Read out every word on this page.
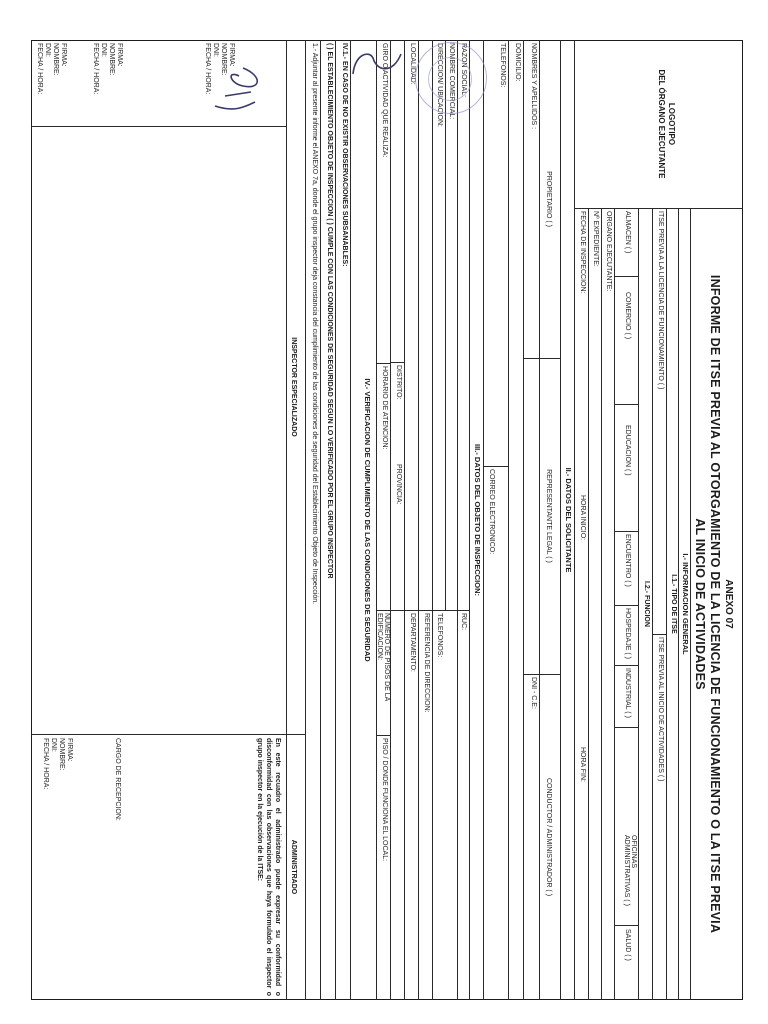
LOGOTIPO
DEL ÓRGANO EJECUTANTE
ANEXO 07
INFORME DE ITSE PREVIA AL OTORGAMIENTO DE LA LICENCIA DE FUNCIONAMIENTO O LA ITSE PREVIA
AL INICIO DE ACTIVIDADES
I.- INFORMACION GENERAL
I.1.- TIPO DE ITSE
ITSE PREVIA A LA LICENCIA DE FUNCIONAMIENTO ( )
ITSE PREVIA AL INICIO DE ACTIVIDADES ( )
I.2.- FUNCION
ALMACEN ( )
COMERCIO ( )
EDUCACION ( )
ENCUENTRO ( )
HOSPEDAJE ( )
INDUSTRIAL ( )
OFICINAS ADMINISTRATIVAS ( )
SALUD ( )
ORGANO EJECUTANTE:
Nº EXPEDIENTE:
FECHA DE INSPECCION:
HORA INICIO:
HORA FIN:
II.- DATOS DEL SOLICITANTE
PROPIETARIO ( )
REPRESENTANTE LEGAL ( )
CONDUCTOR / ADMINISTRADOR ( )
NOMBRES Y APELLIDOS :
DNI - C.E:
DOMICILIO:
TELEFONOS:
CORREO ELECTRONICO:
III.- DATOS DEL OBJETO DE INSPECCION:
RAZON SOCIAL:
RUC:
NOMBRE COMERCIAL:
TELEFONOS:
DIRECCION/ UBICACION:
REFERENCIA DE DIRECCION:
LOCALIDAD:
DEPARTAMENTO:
DISTRITO:
PROVINCIA:
GIRO O ACTIVIDAD QUE REALIZA:
HORARIO DE ATENCION:
NUMERO DE PISOS DE LA EDIFICACION:
PISO / DONDE FUNCIONA EL LOCAL:
IV.- VERIFICACION DE CUMPLIMIENTO DE LAS CONDICIONES DE SEGURIDAD
IV.1.- EN CASO DE NO EXISTIR OBSERVACIONES SUBSANABLES:
( ) EL ESTABLECIMIENTO OBJETO DE INSPECCION ( ) CUMPLE CON LAS CONDICIONES DE SEGURIDAD SEGUN LO VERIFICADO POR EL GRUPO INSPECTOR
1.- Adjuntar al presente informe el ANEXO 7a, donde el grupo inspector deja constancia del cumplimiento de las condiciones de seguridad del Establecimiento Objeto de Inspección.
INSPECTOR ESPECIALIZADO
ADMINISTRADO
En este recuadro el administrado puede expresar su conformidad o disconformidad con las observaciones que haya formulado el inspector o grupo inspector en la ejecución de la ITSE:
FIRMA:
NOMBRE:
DNI:
FECHA / HORA:
FIRMA:
NOMBRE:
DNI:
FECHA / HORA:
FIRMA:
NOMBRE:
DNI:
FECHA / HORA:
CARGO DE RECEPCION:
FIRMA:
NOMBRE:
DNI:
FECHA / HORA:
